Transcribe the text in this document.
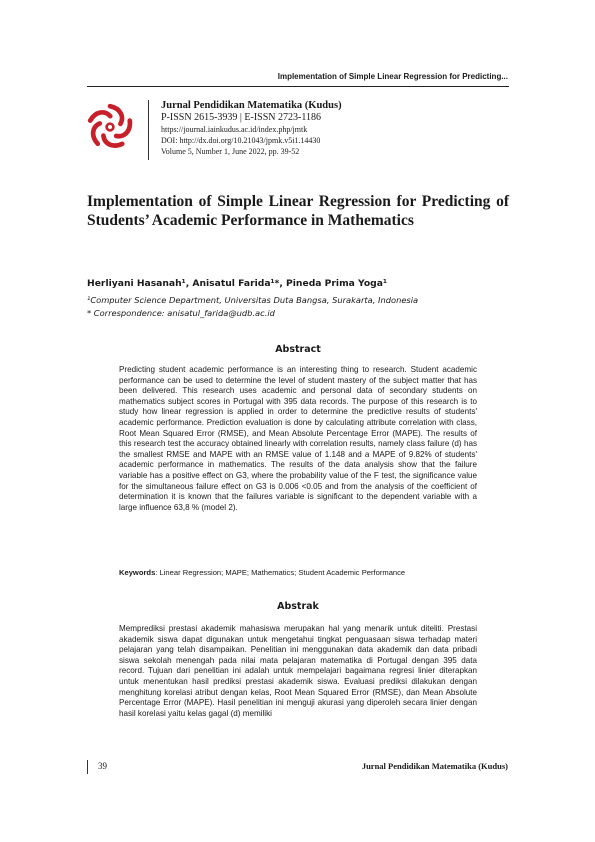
Implementation of Simple Linear Regression for Predicting...
Jurnal Pendidikan Matematika (Kudus)
P-ISSN 2615-3939 | E-ISSN 2723-1186
https://journal.iainkudus.ac.id/index.php/jmtk
DOI: http://dx.doi.org/10.21043/jpmk.v5i1.14430
Volume 5, Number 1, June 2022, pp. 39-52
Implementation of Simple Linear Regression for Predicting of Students’ Academic Performance in Mathematics
Herliyani Hasanah¹, Anisatul Farida¹*, Pineda Prima Yoga¹
¹Computer Science Department, Universitas Duta Bangsa, Surakarta, Indonesia
* Correspondence: anisatul_farida@udb.ac.id
Abstract

Predicting student academic performance is an interesting thing to research. Student academic performance can be used to determine the level of student mastery of the subject matter that has been delivered. This research uses academic and personal data of secondary students on mathematics subject scores in Portugal with 395 data records. The purpose of this research is to study how linear regression is applied in order to determine the predictive results of students' academic performance. Prediction evaluation is done by calculating attribute correlation with class, Root Mean Squared Error (RMSE), and Mean Absolute Percentage Error (MAPE). The results of this research test the accuracy obtained linearly with correlation results, namely class failure (d) has the smallest RMSE and MAPE with an RMSE value of 1.148 and a MAPE of 9.82% of students' academic performance in mathematics. The results of the data analysis show that the failure variable has a positive effect on G3, where the probability value of the F test, the significance value for the simultaneous failure effect on G3 is 0.006 <0.05 and from the analysis of the coefficient of determination it is known that the failures variable is significant to the dependent variable with a large influence 63,8 % (model 2).

Keywords: Linear Regression; MAPE; Mathematics; Student Academic Performance
Abstrak

Memprediksi prestasi akademik mahasiswa merupakan hal yang menarik untuk diteliti. Prestasi akademik siswa dapat digunakan untuk mengetahui tingkat penguasaan siswa terhadap materi pelajaran yang telah disampaikan. Penelitian ini menggunakan data akademik dan data pribadi siswa sekolah menengah pada nilai mata pelajaran matematika di Portugal dengan 395 data record. Tujuan dari penelitian ini adalah untuk mempelajari bagaimana regresi linier diterapkan untuk menentukan hasil prediksi prestasi akademik siswa. Evaluasi prediksi dilakukan dengan menghitung korelasi atribut dengan kelas, Root Mean Squared Error (RMSE), dan Mean Absolute Percentage Error (MAPE). Hasil penelitian ini menguji akurasi yang diperoleh secara linier dengan hasil korelasi yaitu kelas gagal (d) memiliki

39	Jurnal Pendidikan Matematika (Kudus)
